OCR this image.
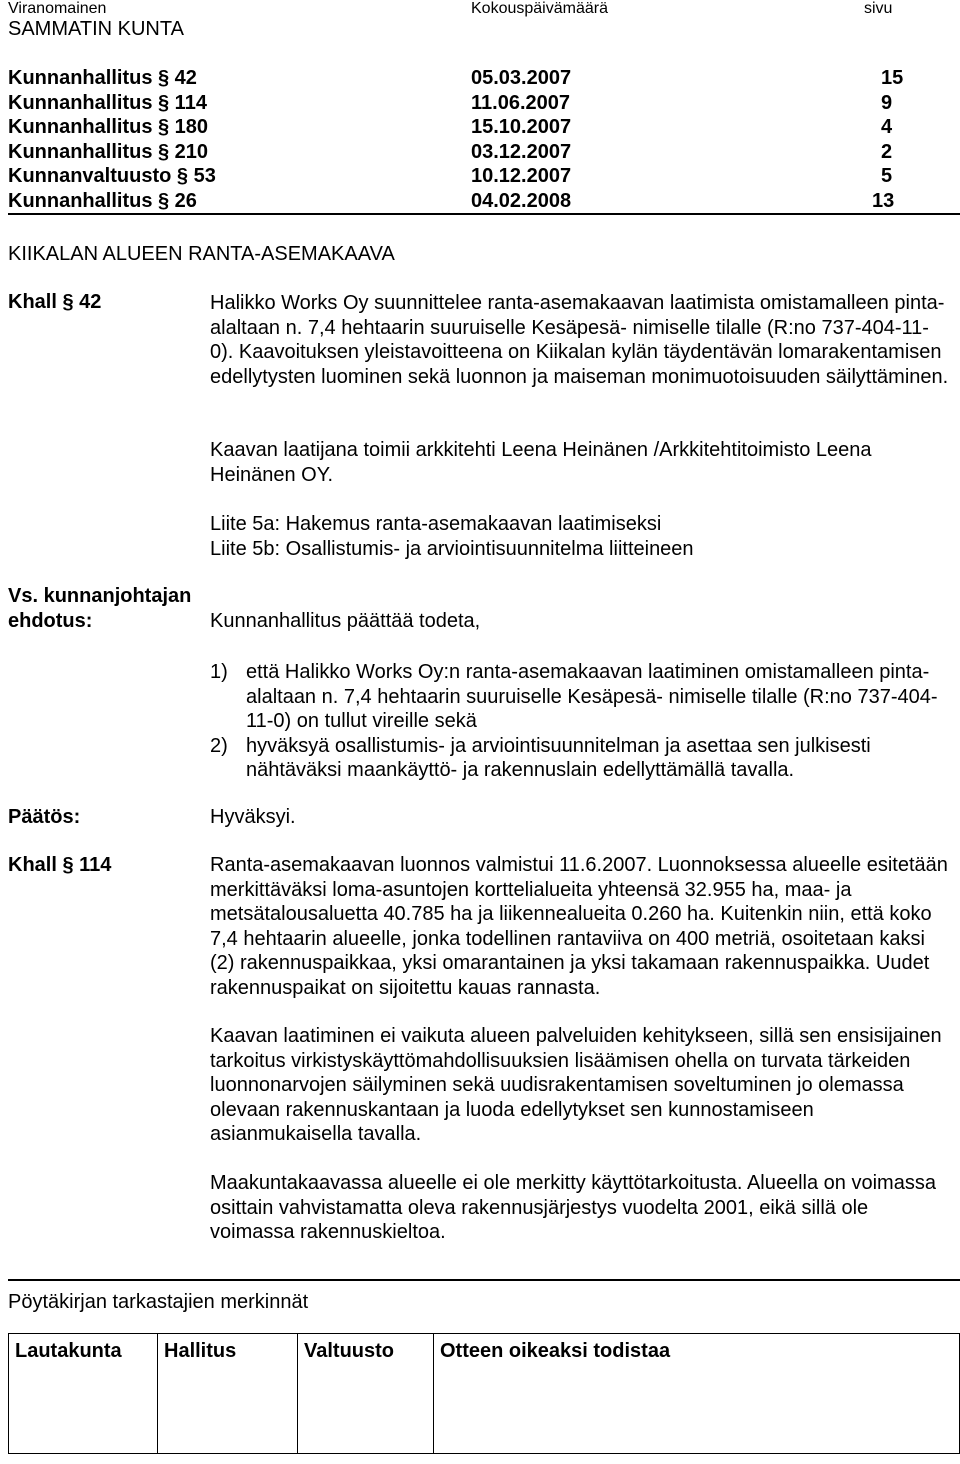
Viranomainen	Kokouspäivämäärä	sivu
SAMMATIN KUNTA
Kunnanhallitus § 42	05.03.2007	15
Kunnanhallitus § 114	11.06.2007	9
Kunnanhallitus § 180	15.10.2007	4
Kunnanhallitus § 210	03.12.2007	2
Kunnanvaltuusto § 53	10.12.2007	5
Kunnanhallitus § 26	04.02.2008	13
KIIKALAN ALUEEN RANTA-ASEMAKAAVA
Khall § 42	Halikko Works Oy suunnittelee ranta-asemakaavan laatimista omistamalleen pinta-alaltaan n. 7,4 hehtaarin suuruiselle Kesäpesä- nimiselle tilalle (R:no 737-404-11-0). Kaavoituksen yleistavoitteena on Kiikalan kylän täydentävän lomarakentamisen edellytysten luominen sekä luonnon ja maiseman monimuotoisuuden säilyttäminen.

Kaavan laatijana toimii arkkitehti Leena Heinänen /Arkkitehtitoimisto Leena Heinänen OY.

Liite 5a: Hakemus ranta-asemakaavan laatimiseksi

Liite 5b: Osallistumis- ja arviointisuunnitelma liitteineen

Vs. kunnanjohtajan
ehdotus:	Kunnanhallitus päättää todeta,
1) että Halikko Works Oy:n ranta-asemakaavan laatiminen omistamalleen pinta-alaltaan n. 7,4 hehtaarin suuruiselle Kesäpesä- nimiselle tilalle (R:no 737-404-11-0) on tullut vireille sekä
2) hyväksyä osallistumis- ja arviointisuunnitelman ja asettaa sen julkisesti nähtäväksi maankäyttö- ja rakennuslain edellyttämällä tavalla.
Päätös:	Hyväksyi.
Khall § 114	Ranta-asemakaavan luonnos valmistui 11.6.2007. Luonnoksessa alueelle esitetään merkittäväksi loma-asuntojen korttelialueita yhteensä 32.955 ha, maa- ja metsätalousaluetta 40.785 ha ja liikennealueita 0.260 ha. Kuitenkin niin, että koko 7,4 hehtaarin alueelle, jonka todellinen rantaviiva on 400 metriä, osoitetaan kaksi (2) rakennuspaikkaa, yksi omarantainen ja yksi takamaan rakennuspaikka. Uudet rakennuspaikat on sijoitettu kauas rannasta.

Kaavan laatiminen ei vaikuta alueen palveluiden kehitykseen, sillä sen ensisijainen tarkoitus virkistyskäyttömahdollisuuksien lisäämisen ohella on turvata tärkeiden luonnonarvojen säilyminen sekä uudisrakentamisen soveltuminen jo olemassa olevaan rakennuskantaan ja luoda edellytykset sen kunnostamiseen asianmukaisella tavalla.

Maakuntakaavassa alueelle ei ole merkitty käyttötarkoitusta. Alueella on voimassa osittain vahvistamatta oleva rakennusjärjestys vuodelta 2001, eikä sillä ole voimassa rakennuskieltoa.

Pöytäkirjan tarkastajien merkinnät
Lautakunta	Hallitus	Valtuusto	Otteen oikeaksi todistaa
